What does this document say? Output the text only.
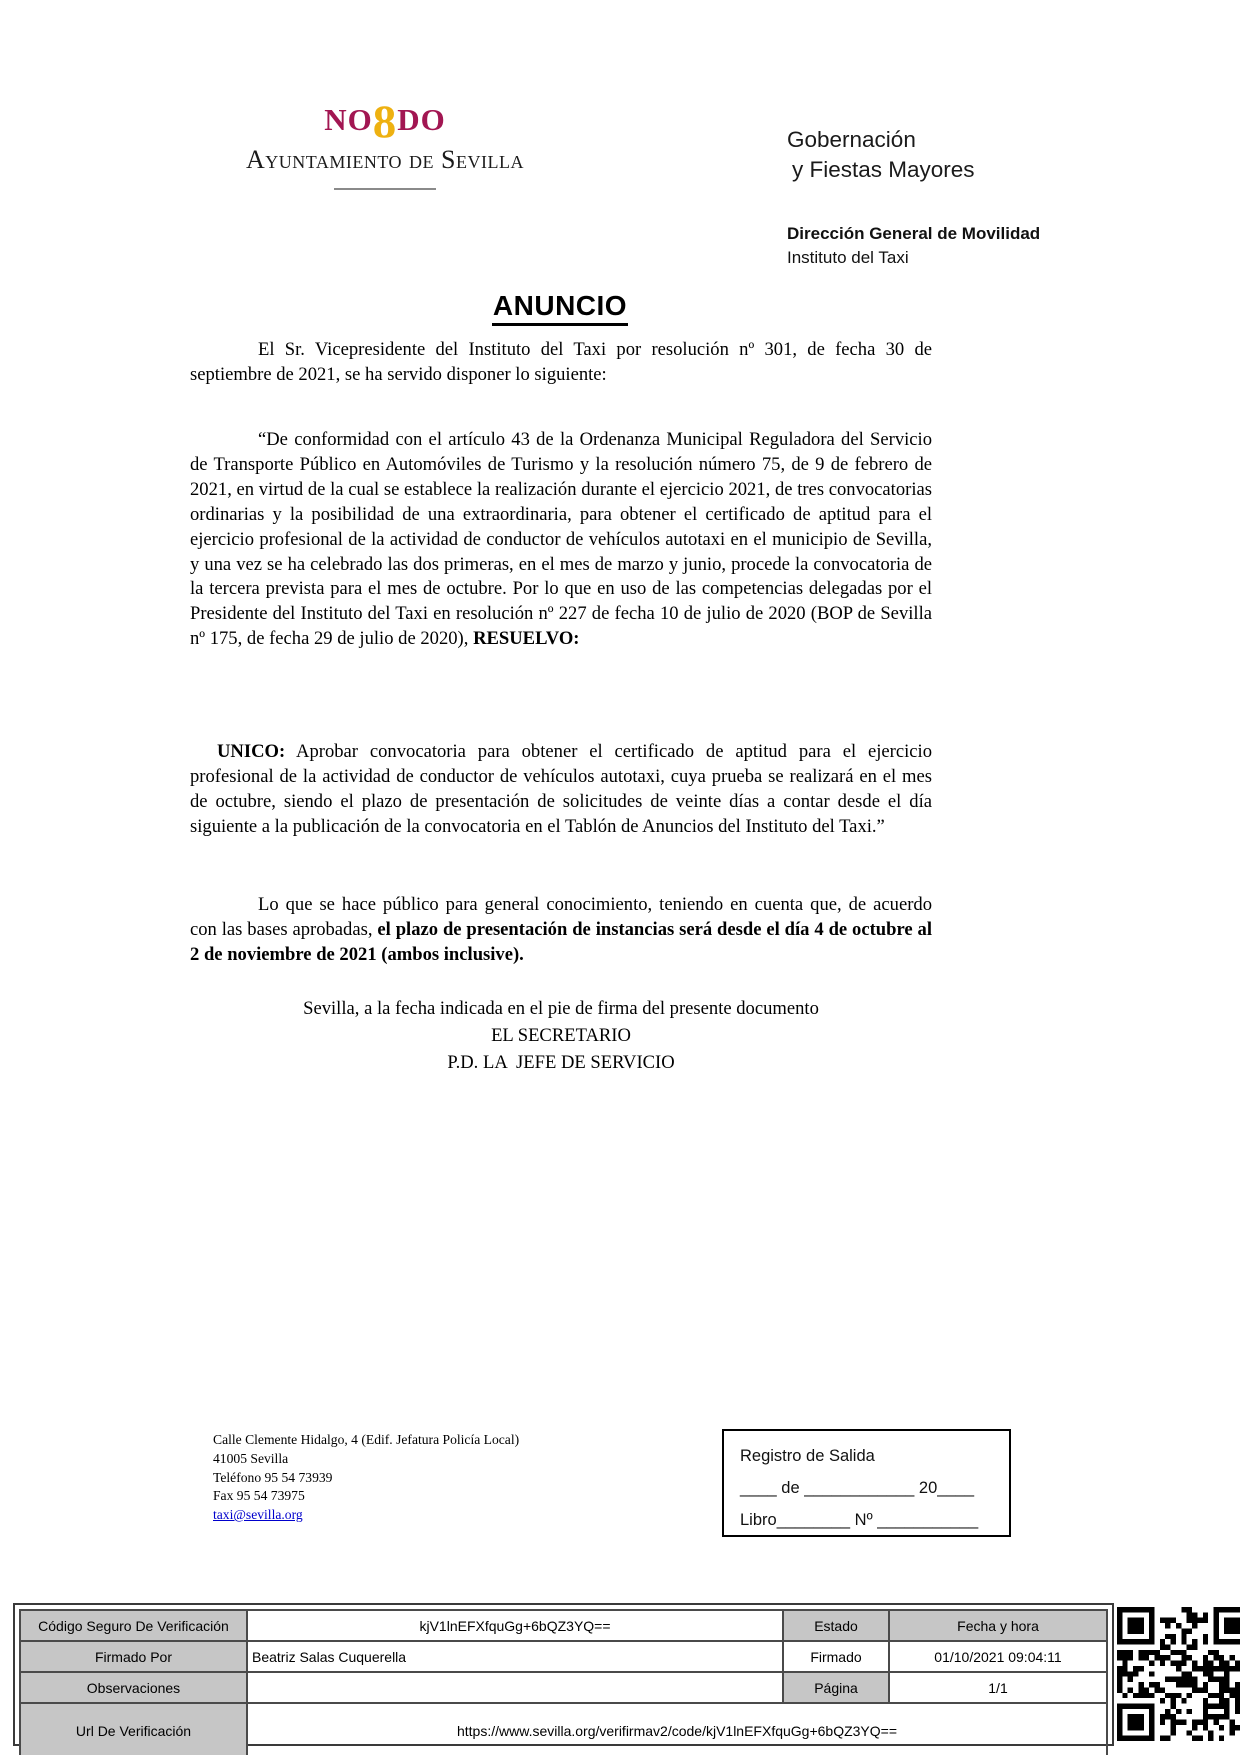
NO8DO
Ayuntamiento de Sevilla
Gobernación
y Fiestas Mayores
Dirección General de Movilidad
Instituto del Taxi
ANUNCIO

El Sr. Vicepresidente del Instituto del Taxi por resolución nº 301, de fecha 30 de septiembre de 2021, se ha servido disponer lo siguiente:

“De conformidad con el artículo 43 de la Ordenanza Municipal Reguladora del Servicio de Transporte Público en Automóviles de Turismo y la resolución número 75, de 9 de febrero de 2021, en virtud de la cual se establece la realización durante el ejercicio 2021, de tres convocatorias ordinarias y la posibilidad de una extraordinaria, para obtener el certificado de aptitud para el ejercicio profesional de la actividad de conductor de vehículos autotaxi en el municipio de Sevilla, y una vez se ha celebrado las dos primeras, en el mes de marzo y junio, procede la convocatoria de la tercera prevista para el mes de octubre. Por lo que en uso de las competencias delegadas por el Presidente del Instituto del Taxi en resolución nº 227 de fecha 10 de julio de 2020 (BOP de Sevilla nº 175, de fecha 29 de julio de 2020), RESUELVO:

UNICO: Aprobar convocatoria para obtener el certificado de aptitud para el ejercicio profesional de la actividad de conductor de vehículos autotaxi, cuya prueba se realizará en el mes de octubre, siendo el plazo de presentación de solicitudes de veinte días a contar desde el día siguiente a la publicación de la convocatoria en el Tablón de Anuncios del Instituto del Taxi.”

Lo que se hace público para general conocimiento, teniendo en cuenta que, de acuerdo con las bases aprobadas, el plazo de presentación de instancias será desde el día 4 de octubre al 2 de noviembre de 2021 (ambos inclusive).

Sevilla, a la fecha indicada en el pie de firma del presente documento
EL SECRETARIO
P.D. LA  JEFE DE SERVICIO
Calle Clemente Hidalgo, 4 (Edif. Jefatura Policía Local)
41005 Sevilla
Teléfono 95 54 73939
Fax 95 54 73975
taxi@sevilla.org
Registro de Salida
____ de ____________ 20____
Libro________ Nº ___________
Código Seguro De Verificación	kjV1lnEFXfquGg+6bQZ3YQ==	Estado	Fecha y hora
Firmado Por	Beatriz Salas Cuquerella	Firmado	01/10/2021 09:04:11
Observaciones		Página	1/1
Url De Verificación	https://www.sevilla.org/verifirmav2/code/kjV1lnEFXfquGg+6bQZ3YQ==		
